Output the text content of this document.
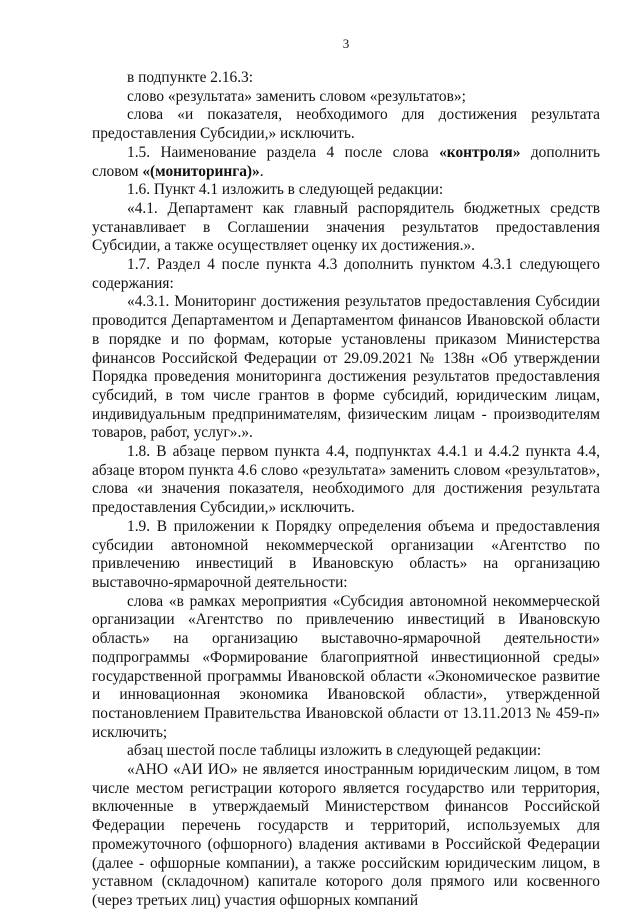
3

в подпункте 2.16.3:

слово «результата» заменить словом «результатов»;

слова «и показателя, необходимого для достижения результата предоставления Субсидии,» исключить.

1.5. Наименование раздела 4 после слова «контроля» дополнить словом «(мониторинга)».

1.6. Пункт 4.1 изложить в следующей редакции:

«4.1. Департамент как главный распорядитель бюджетных средств устанавливает в Соглашении значения результатов предоставления Субсидии, а также осуществляет оценку их достижения.».

1.7. Раздел 4 после пункта 4.3 дополнить пунктом 4.3.1 следующего содержания:

«4.3.1. Мониторинг достижения результатов предоставления Субсидии проводится Департаментом и Департаментом финансов Ивановской области в порядке и по формам, которые установлены приказом Министерства финансов Российской Федерации от 29.09.2021 № 138н «Об утверждении Порядка проведения мониторинга достижения результатов предоставления субсидий, в том числе грантов в форме субсидий, юридическим лицам, индивидуальным предпринимателям, физическим лицам - производителям товаров, работ, услуг».».

1.8. В абзаце первом пункта 4.4, подпунктах 4.4.1 и 4.4.2 пункта 4.4, абзаце втором пункта 4.6 слово «результата» заменить словом «результатов», слова «и значения показателя, необходимого для достижения результата предоставления Субсидии,» исключить.

1.9. В приложении к Порядку определения объема и предоставления субсидии автономной некоммерческой организации «Агентство по привлечению инвестиций в Ивановскую область» на организацию выставочно-ярмарочной деятельности:

слова «в рамках мероприятия «Субсидия автономной некоммерческой организации «Агентство по привлечению инвестиций в Ивановскую область» на организацию выставочно-ярмарочной деятельности» подпрограммы «Формирование благоприятной инвестиционной среды» государственной программы Ивановской области «Экономическое развитие и инновационная экономика Ивановской области», утвержденной постановлением Правительства Ивановской области от 13.11.2013 № 459-п» исключить;

абзац шестой после таблицы изложить в следующей редакции:

«АНО «АИ ИО» не является иностранным юридическим лицом, в том числе местом регистрации которого является государство или территория, включенные в утверждаемый Министерством финансов Российской Федерации перечень государств и территорий, используемых для промежуточного (офшорного) владения активами в Российской Федерации (далее - офшорные компании), а также российским юридическим лицом, в уставном (складочном) капитале которого доля прямого или косвенного (через третьих лиц) участия офшорных компаний
